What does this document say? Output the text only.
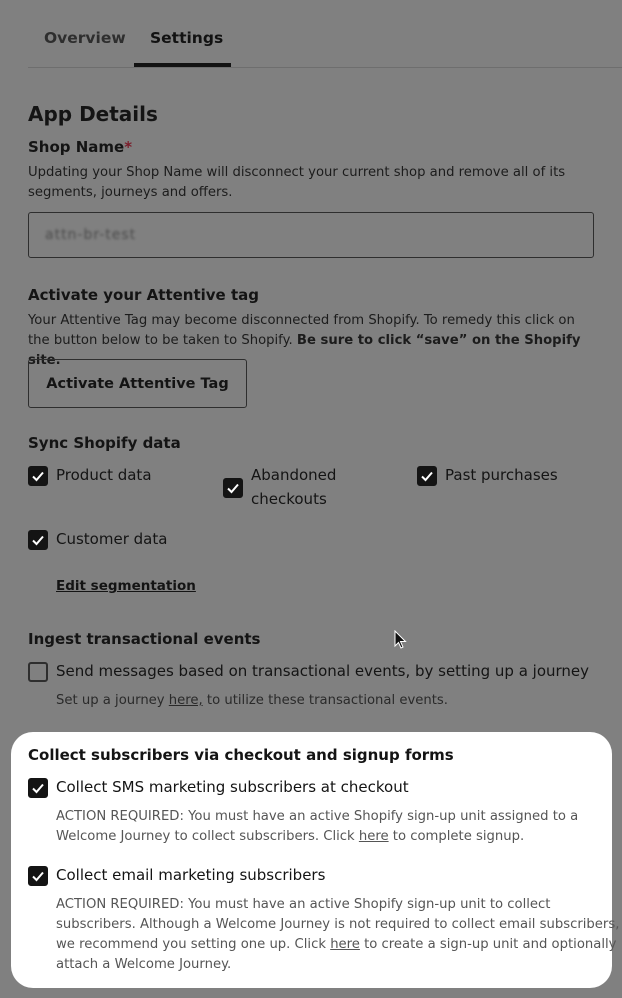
Overview Settings
App Details
Shop Name*
Updating your Shop Name will disconnect your current shop and remove all of its segments, journeys and offers.
attn-br-test
Activate your Attentive tag
Your Attentive Tag may become disconnected from Shopify. To remedy this click on the button below to be taken to Shopify. Be sure to click “save” on the Shopify site.
Activate Attentive Tag
Sync Shopify data
Product data	Abandoned
checkouts
Past purchases
Customer data
Edit segmentation
Ingest transactional events
Send messages based on transactional events, by setting up a journey
Set up a journey here, to utilize these transactional events.
Collect subscribers via checkout and signup forms
Collect SMS marketing subscribers at checkout
ACTION REQUIRED: You must have an active Shopify sign-up unit assigned to a
Welcome Journey to collect subscribers. Click here to complete signup.
Collect email marketing subscribers
ACTION REQUIRED: You must have an active Shopify sign-up unit to collect
subscribers. Although a Welcome Journey is not required to collect email subscribers,
we recommend you setting one up. Click here to create a sign-up unit and optionally
attach a Welcome Journey.
